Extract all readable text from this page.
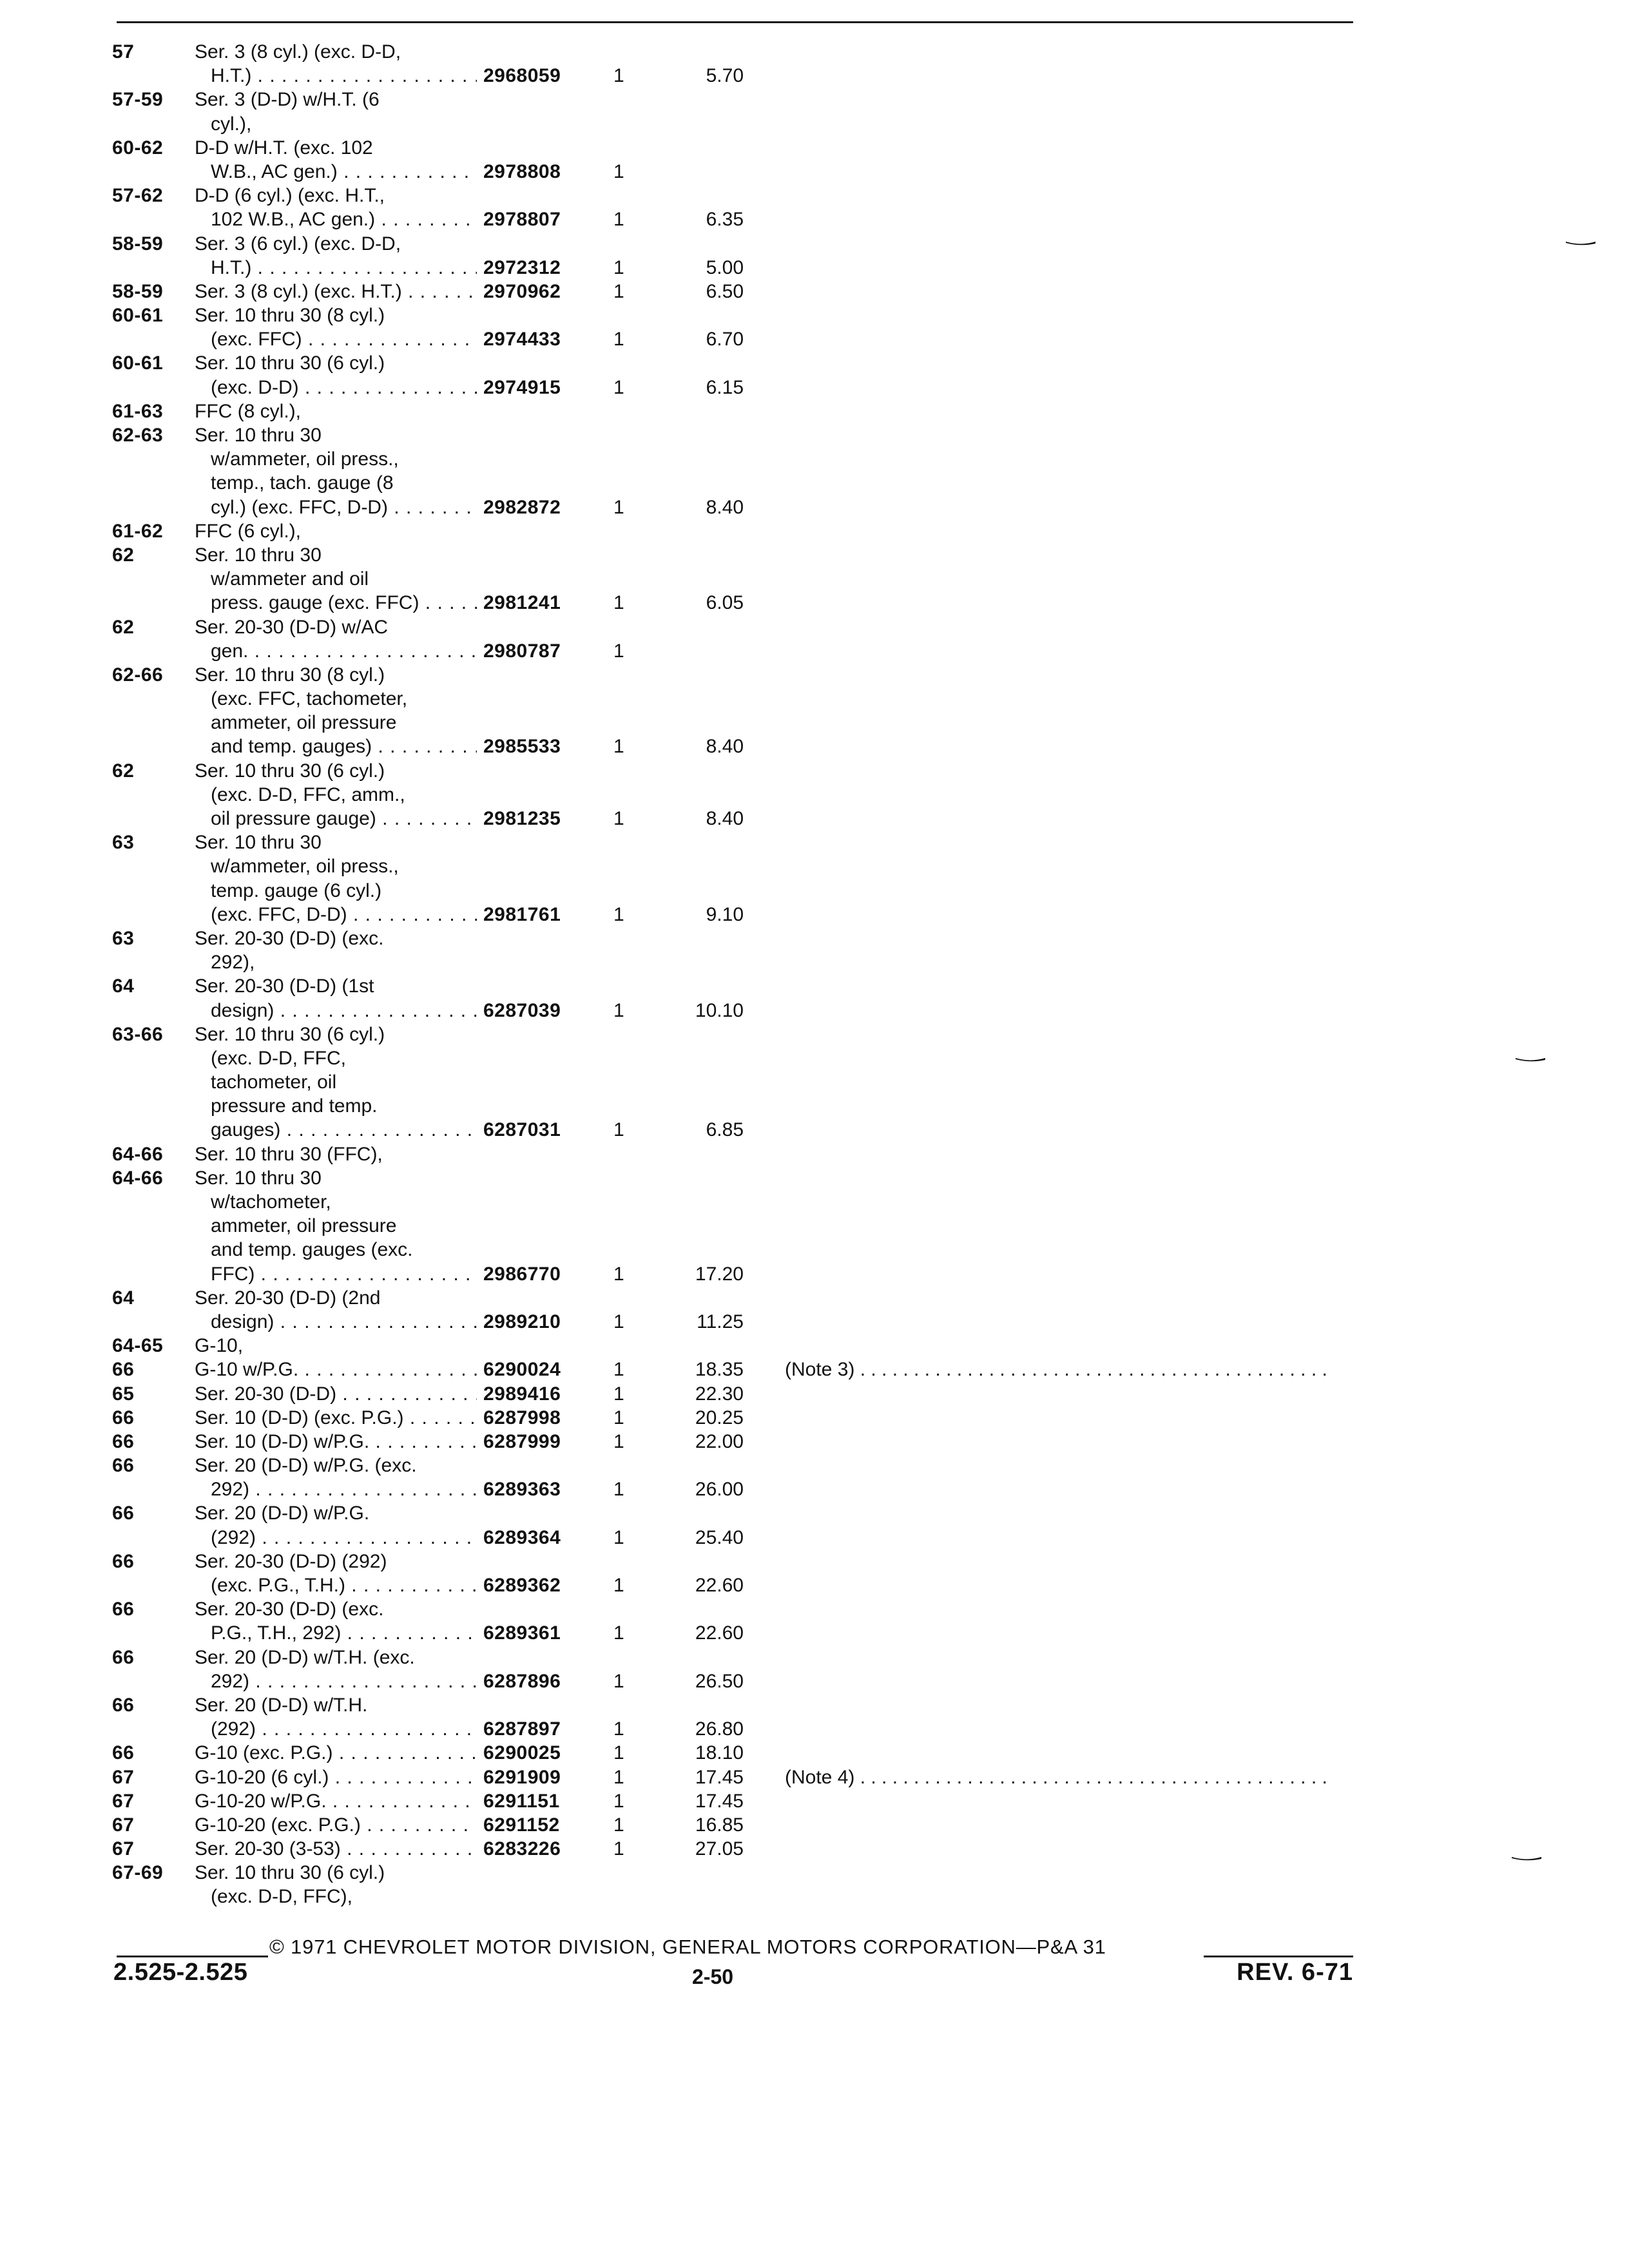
57	Ser. 3 (8 cyl.) (exc. D-D,
H.T.) . . .	2968059	1	5.70
57-59 Ser. 3 (D-D) w/H.T. (6
cyl.),
60-62 D-D w/H.T. (exc. 102
W.B., AC gen.) . . .	2978808	1
57-62 D-D (6 cyl.) (exc. H.T.,
102 W.B., AC gen.) . . .	2978807	1	6.35
58-59 Ser. 3 (6 cyl.) (exc. D-D,
H.T.) . . .	2972312	1	5.00
58-59 Ser. 3 (8 cyl.) (exc. H.T.) . . .	2970962	1	6.50
60-61 Ser. 10 thru 30 (8 cyl.)
(exc. FFC) . . .	2974433	1	6.70
60-61 Ser. 10 thru 30 (6 cyl.)
(exc. D-D) . . .	2974915	1	6.15
61-63 FFC (8 cyl.),
62-63 Ser. 10 thru 30
w/ammeter, oil press.,
temp., tach. gauge (8
cyl.) (exc. FFC, D-D) . . .	2982872	1	8.40
61-62 FFC (6 cyl.),
62	Ser. 10 thru 30
w/ammeter and oil
press. gauge (exc. FFC) . . .	2981241	1	6.05
62	Ser. 20-30 (D-D) w/AC
gen. . . .	2980787	1
62-66 Ser. 10 thru 30 (8 cyl.)
(exc. FFC, tachometer,
ammeter, oil pressure
and temp. gauges) . . .	2985533	1	8.40
62	Ser. 10 thru 30 (6 cyl.)
(exc. D-D, FFC, amm.,
oil pressure gauge) . . .	2981235	1	8.40
63	Ser. 10 thru 30
w/ammeter, oil press.,
temp. gauge (6 cyl.)
(exc. FFC, D-D) . . .	2981761	1	9.10
63	Ser. 20-30 (D-D) (exc.
292),
64	Ser. 20-30 (D-D) (1st
design) . . .	6287039	1	10.10
63-66 Ser. 10 thru 30 (6 cyl.)
(exc. D-D, FFC,
tachometer, oil
pressure and temp.
gauges) . . .	6287031	1	6.85
64-66 Ser. 10 thru 30 (FFC),
64-66 Ser. 10 thru 30
w/tachometer,
ammeter, oil pressure
and temp. gauges (exc.
FFC) . . .	2986770	1	17.20
64	Ser. 20-30 (D-D) (2nd
design) . . .	2989210	1	11.25
64-65 G-10,
66	G-10 w/P.G. . . .	6290024	1	18.35 (Note 3) . . .
65	Ser. 20-30 (D-D) . . .	2989416	1	22.30
66	Ser. 10 (D-D) (exc. P.G.) . . .	6287998	1	20.25
66	Ser. 10 (D-D) w/P.G. . . .	6287999	1	22.00
66	Ser. 20 (D-D) w/P.G. (exc.
292) . . .	6289363	1	26.00
66	Ser. 20 (D-D) w/P.G.
(292) . . .	6289364	1	25.40
66	Ser. 20-30 (D-D) (292)
(exc. P.G., T.H.) . . .	6289362	1	22.60
66	Ser. 20-30 (D-D) (exc.
P.G., T.H., 292) . . .	6289361	1	22.60
66	Ser. 20 (D-D) w/T.H. (exc.
292) . . .	6287896	1	26.50
66	Ser. 20 (D-D) w/T.H.
(292) . . .	6287897	1	26.80
66	G-10 (exc. P.G.) . . .	6290025	1	18.10
67	G-10-20 (6 cyl.) . . .	6291909	1	17.45 (Note 4) . . .
67	G-10-20 w/P.G. . . .	6291151	1	17.45
67	G-10-20 (exc. P.G.) . . .	6291152	1	16.85
67	Ser. 20-30 (3-53) . . .	6283226	1	27.05
67-69 Ser. 10 thru 30 (6 cyl.)
(exc. D-D, FFC),
© 1971 CHEVROLET MOTOR DIVISION, GENERAL MOTORS CORPORATION—P&A 31
2.525-2.525	2-50	REV. 6-71
